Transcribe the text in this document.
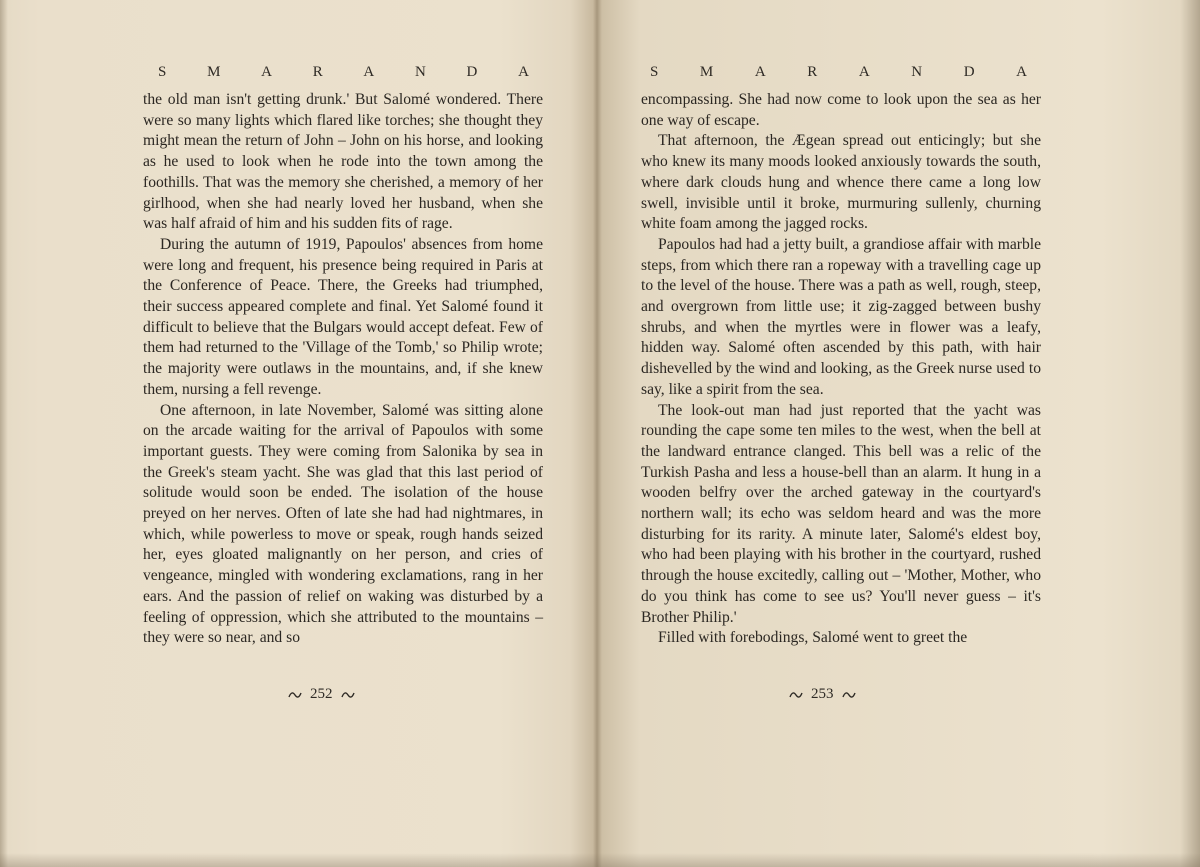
S	M	A	R	A	N	D	A

the old man isn't getting drunk.' But Salomé wondered. There were so many lights which flared like torches; she thought they might mean the return of John – John on his horse, and looking as he used to look when he rode into the town among the foothills. That was the memory she cherished, a memory of her girlhood, when she had nearly loved her husband, when she was half afraid of him and his sudden fits of rage.

During the autumn of 1919, Papoulos' absences from home were long and frequent, his presence being required in Paris at the Conference of Peace. There, the Greeks had triumphed, their success appeared complete and final. Yet Salomé found it difficult to believe that the Bulgars would accept defeat. Few of them had returned to the 'Village of the Tomb,' so Philip wrote; the majority were outlaws in the mountains, and, if she knew them, nursing a fell revenge.

One afternoon, in late November, Salomé was sitting alone on the arcade waiting for the arrival of Papoulos with some important guests. They were coming from Salonika by sea in the Greek's steam yacht. She was glad that this last period of solitude would soon be ended. The isolation of the house preyed on her nerves. Often of late she had had nightmares, in which, while powerless to move or speak, rough hands seized her, eyes gloated malignantly on her person, and cries of vengeance, mingled with wondering exclamations, rang in her ears. And the passion of relief on waking was disturbed by a feeling of oppression, which she attributed to the mountains – they were so near, and so

252
S	M	A	R	A	N	D	A

encompassing. She had now come to look upon the sea as her one way of escape.

That afternoon, the Ægean spread out enticingly; but she who knew its many moods looked anxiously towards the south, where dark clouds hung and whence there came a long low swell, invisible until it broke, murmuring sullenly, churning white foam among the jagged rocks.

Papoulos had had a jetty built, a grandiose affair with marble steps, from which there ran a ropeway with a travelling cage up to the level of the house. There was a path as well, rough, steep, and overgrown from little use; it zig-zagged between bushy shrubs, and when the myrtles were in flower was a leafy, hidden way. Salomé often ascended by this path, with hair dishevelled by the wind and looking, as the Greek nurse used to say, like a spirit from the sea.

The look-out man had just reported that the yacht was rounding the cape some ten miles to the west, when the bell at the landward entrance clanged. This bell was a relic of the Turkish Pasha and less a house-bell than an alarm. It hung in a wooden belfry over the arched gateway in the courtyard's northern wall; its echo was seldom heard and was the more disturbing for its rarity. A minute later, Salomé's eldest boy, who had been playing with his brother in the courtyard, rushed through the house excitedly, calling out – 'Mother, Mother, who do you think has come to see us? You'll never guess – it's Brother Philip.'

Filled with forebodings, Salomé went to greet the

253
